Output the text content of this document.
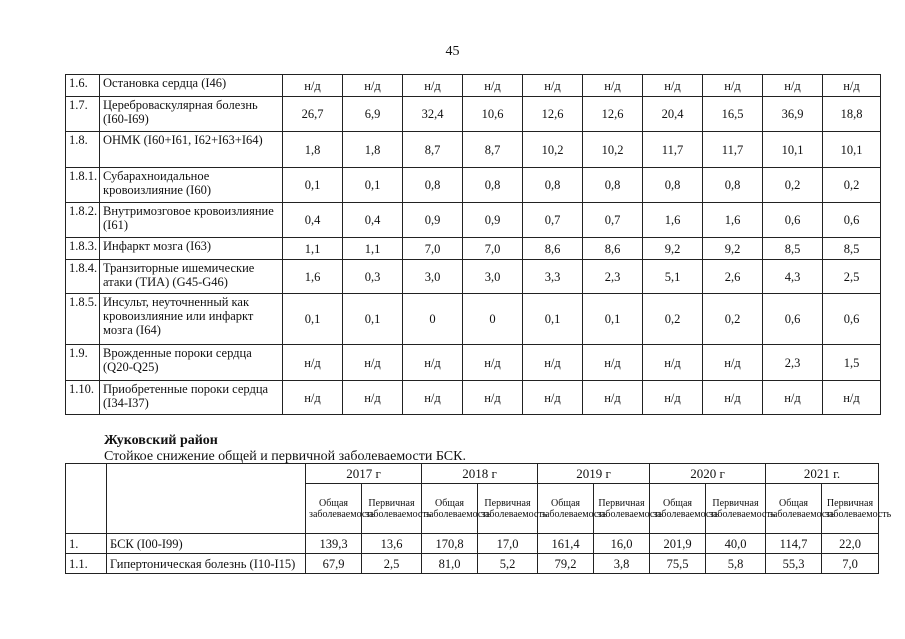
45
1.6.	Остановка сердца (I46)	н/д	н/д	н/д	н/д	н/д	н/д	н/д	н/д	н/д	н/д
1.7.	Цереброваскулярная болезнь (I60-I69)	26,7	6,9	32,4	10,6	12,6	12,6	20,4	16,5	36,9	18,8
1.8.	ОНМК (I60+I61, I62+I63+I64)	1,8	1,8	8,7	8,7	10,2	10,2	11,7	11,7	10,1	10,1
1.8.1.	Субарахноидальное кровоизлияние (I60)	0,1	0,1	0,8	0,8	0,8	0,8	0,8	0,8	0,2	0,2
1.8.2.	Внутримозговое кровоизлияние (I61)	0,4	0,4	0,9	0,9	0,7	0,7	1,6	1,6	0,6	0,6
1.8.3.	Инфаркт мозга (I63)	1,1	1,1	7,0	7,0	8,6	8,6	9,2	9,2	8,5	8,5
1.8.4.	Транзиторные ишемические атаки (ТИА) (G45-G46)	1,6	0,3	3,0	3,0	3,3	2,3	5,1	2,6	4,3	2,5
1.8.5.	Инсульт, неуточненный как кровоизлияние или инфаркт мозга (I64)	0,1	0,1	0	0	0,1	0,1	0,2	0,2	0,6	0,6
1.9.	Врожденные пороки сердца (Q20-Q25)	н/д	н/д	н/д	н/д	н/д	н/д	н/д	н/д	2,3	1,5
1.10.	Приобретенные пороки сердца (I34-I37)	н/д	н/д	н/д	н/д	н/д	н/д	н/д	н/д	н/д	н/д
Жуковский район
Стойкое снижение общей и первичной заболеваемости БСК.
		2017 г		2018 г		2019 г		2020 г		2021 г.	
		Общая заболеваемость	Первичная заболеваемость	Общая заболеваемость	Первичная заболеваемость	Общая заболеваемость	Первичная заболеваемость	Общая заболеваемость	Первичная заболеваемость	Общая заболеваемость	Первичная заболеваемость
1.	БСК (I00-I99)	139,3	13,6	170,8	17,0	161,4	16,0	201,9	40,0	114,7	22,0
1.1.	Гипертоническая болезнь (I10-I15)	67,9	2,5	81,0	5,2	79,2	3,8	75,5	5,8	55,3	7,0
